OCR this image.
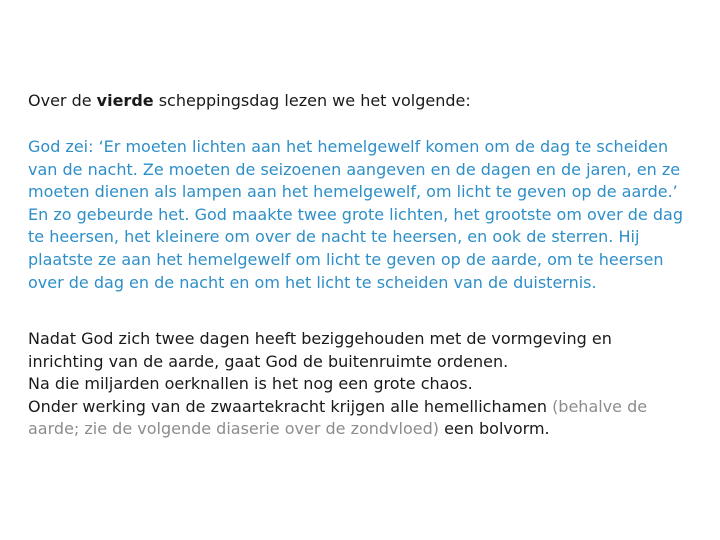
Over de vierde scheppingsdag lezen we het volgende:

God zei: ‘Er moeten lichten aan het hemelgewelf komen om de dag te scheiden
van de nacht. Ze moeten de seizoenen aangeven en de dagen en de jaren, en ze
moeten dienen als lampen aan het hemelgewelf, om licht te geven op de aarde.’
En zo gebeurde het. God maakte twee grote lichten, het grootste om over de dag
te heersen, het kleinere om over de nacht te heersen, en ook de sterren. Hij
plaatste ze aan het hemelgewelf om licht te geven op de aarde, om te heersen
over de dag en de nacht en om het licht te scheiden van de duisternis.

Nadat God zich twee dagen heeft beziggehouden met de vormgeving en
inrichting van de aarde, gaat God de buitenruimte ordenen.
Na die miljarden oerknallen is het nog een grote chaos.
Onder werking van de zwaartekracht krijgen alle hemellichamen (behalve de
aarde; zie de volgende diaserie over de zondvloed) een bolvorm.
